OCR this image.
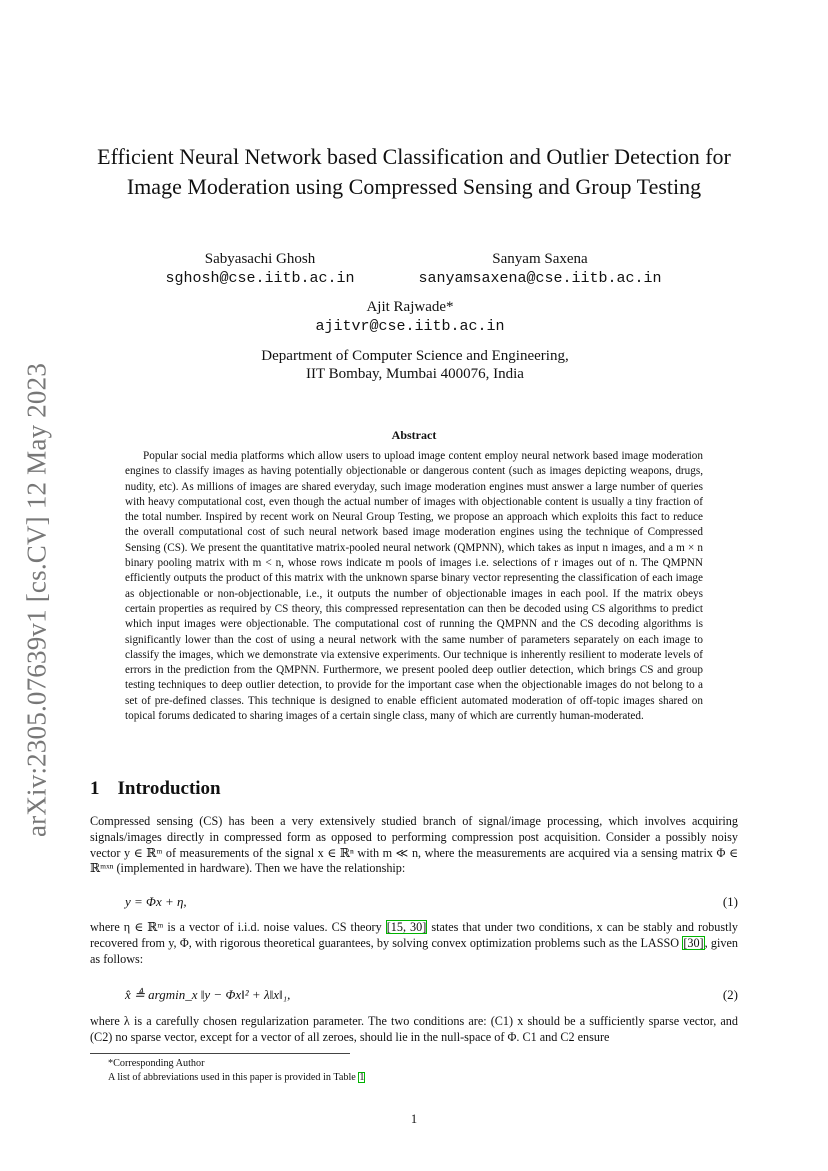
arXiv:2305.07639v1 [cs.CV] 12 May 2023
Efficient Neural Network based Classification and Outlier Detection for Image Moderation using Compressed Sensing and Group Testing
Sabyasachi Ghosh
sghosh@cse.iitb.ac.in
Sanyam Saxena
sanyamsaxena@cse.iitb.ac.in
Ajit Rajwade*
ajitvr@cse.iitb.ac.in
Department of Computer Science and Engineering,
IIT Bombay, Mumbai 400076, India
Abstract
Popular social media platforms which allow users to upload image content employ neural network based image moderation engines to classify images as having potentially objectionable or dangerous content (such as images depicting weapons, drugs, nudity, etc). As millions of images are shared everyday, such image moderation engines must answer a large number of queries with heavy computational cost, even though the actual number of images with objectionable content is usually a tiny fraction of the total number. Inspired by recent work on Neural Group Testing, we propose an approach which exploits this fact to reduce the overall computational cost of such neural network based image moderation engines using the technique of Compressed Sensing (CS). We present the quantitative matrix-pooled neural network (QMPNN), which takes as input n images, and a m × n binary pooling matrix with m < n, whose rows indicate m pools of images i.e. selections of r images out of n. The QMPNN efficiently outputs the product of this matrix with the unknown sparse binary vector representing the classification of each image as objectionable or non-objectionable, i.e., it outputs the number of objectionable images in each pool. If the matrix obeys certain properties as required by CS theory, this compressed representation can then be decoded using CS algorithms to predict which input images were objectionable. The computational cost of running the QMPNN and the CS decoding algorithms is significantly lower than the cost of using a neural network with the same number of parameters separately on each image to classify the images, which we demonstrate via extensive experiments. Our technique is inherently resilient to moderate levels of errors in the prediction from the QMPNN. Furthermore, we present pooled deep outlier detection, which brings CS and group testing techniques to deep outlier detection, to provide for the important case when the objectionable images do not belong to a set of pre-defined classes. This technique is designed to enable efficient automated moderation of off-topic images shared on topical forums dedicated to sharing images of a certain single class, many of which are currently human-moderated.
1 Introduction
Compressed sensing (CS) has been a very extensively studied branch of signal/image processing, which involves acquiring signals/images directly in compressed form as opposed to performing compression post acquisition. Consider a possibly noisy vector y ∈ ℝᵐ of measurements of the signal x ∈ ℝⁿ with m ≪ n, where the measurements are acquired via a sensing matrix Φ ∈ ℝᵐˣⁿ (implemented in hardware). Then we have the relationship:
y = Φx + η,	(1)
where η ∈ ℝᵐ is a vector of i.i.d. noise values. CS theory [15, 30] states that under two conditions, x can be stably and robustly recovered from y, Φ, with rigorous theoretical guarantees, by solving convex optimization problems such as the LASSO [30], given as follows:
x̂ ≜ argmin_x ‖y − Φx‖² + λ‖x‖₁,	(2)
where λ is a carefully chosen regularization parameter. The two conditions are: (C1) x should be a sufficiently sparse vector, and (C2) no sparse vector, except for a vector of all zeroes, should lie in the null-space of Φ. C1 and C2 ensure
*Corresponding Author
A list of abbreviations used in this paper is provided in Table 1
1
